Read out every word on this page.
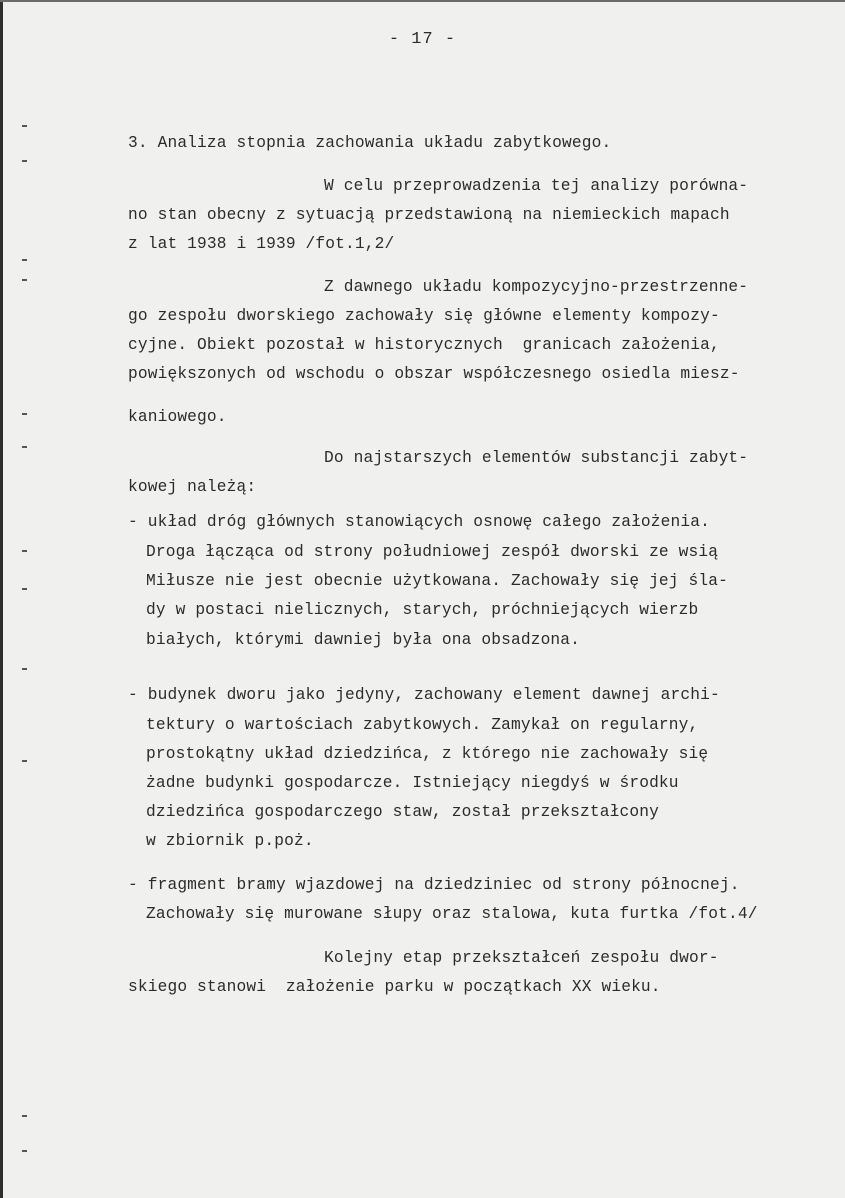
- 17 -
3. Analiza stopnia zachowania układu zabytkowego.
W celu przeprowadzenia tej analizy porówna-
no stan obecny z sytuacją przedstawioną na niemieckich mapach
z lat 1938 i 1939 /fot.1,2/
Z dawnego układu kompozycyjno-przestrzenne-
go zespołu dworskiego zachowały się główne elementy kompozy-
cyjne. Obiekt pozostał w historycznych  granicach założenia,
powiększonych od wschodu o obszar współczesnego osiedla miesz-
kaniowego.
Do najstarszych elementów substancji zabyt-
kowej należą:
- układ dróg głównych stanowiących osnowę całego założenia.
Droga łącząca od strony południowej zespół dworski ze wsią
Miłusze nie jest obecnie użytkowana. Zachowały się jej śla-
dy w postaci nielicznych, starych, próchniejących wierzb
białych, którymi dawniej była ona obsadzona.
- budynek dworu jako jedyny, zachowany element dawnej archi-
tektury o wartościach zabytkowych. Zamykał on regularny,
prostokątny układ dziedzińca, z którego nie zachowały się
żadne budynki gospodarcze. Istniejący niegdyś w środku
dziedzińca gospodarczego staw, został przekształcony
w zbiornik p.poż.
- fragment bramy wjazdowej na dziedziniec od strony północnej.
Zachowały się murowane słupy oraz stalowa, kuta furtka /fot.4/
Kolejny etap przekształceń zespołu dwor-
skiego stanowi  założenie parku w początkach XX wieku.
